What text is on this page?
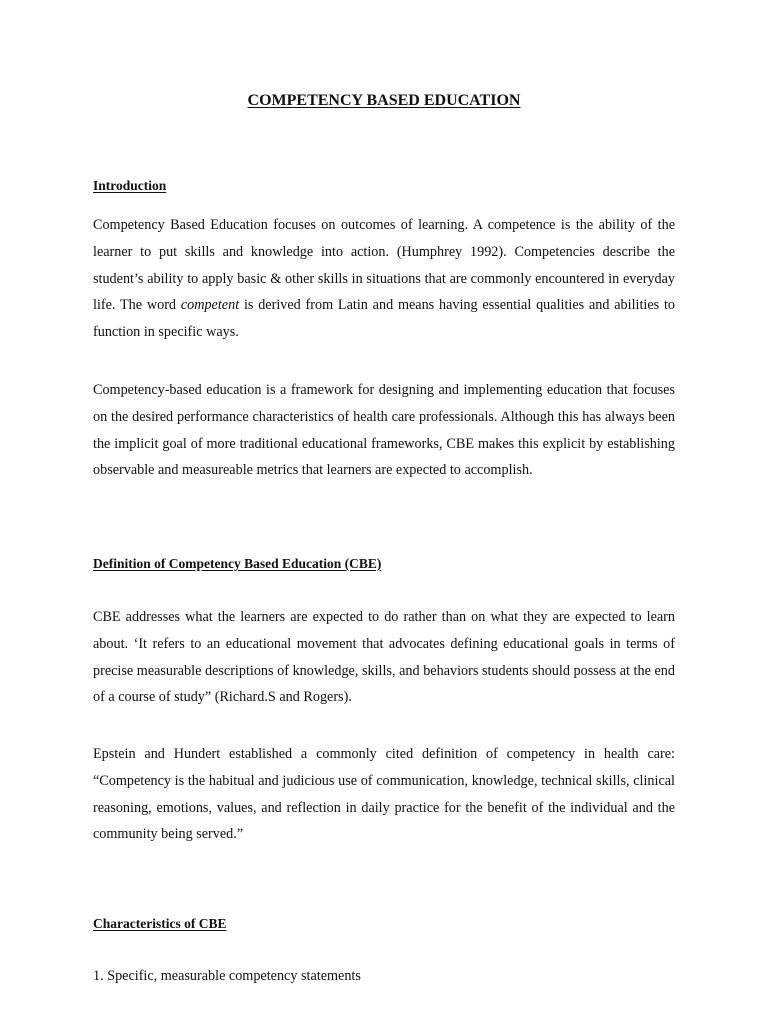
COMPETENCY BASED EDUCATION
Introduction

Competency Based Education focuses on outcomes of learning. A competence is the ability of the learner to put skills and knowledge into action. (Humphrey 1992). Competencies describe the student’s ability to apply basic & other skills in situations that are commonly encountered in everyday life. The word competent is derived from Latin and means having essential qualities and abilities to function in specific ways.

Competency-based education is a framework for designing and implementing education that focuses on the desired performance characteristics of health care professionals. Although this has always been the implicit goal of more traditional educational frameworks, CBE makes this explicit by establishing observable and measureable metrics that learners are expected to accomplish.

Definition of Competency Based Education (CBE)

CBE addresses what the learners are expected to do rather than on what they are expected to learn about. ‘It refers to an educational movement that advocates defining educational goals in terms of precise measurable descriptions of knowledge, skills, and behaviors students should possess at the end of a course of study” (Richard.S and Rogers).

Epstein and Hundert established a commonly cited definition of competency in health care: “Competency is the habitual and judicious use of communication, knowledge, technical skills, clinical reasoning, emotions, values, and reflection in daily practice for the benefit of the individual and the community being served.”

Characteristics of CBE

1. Specific, measurable competency statements
